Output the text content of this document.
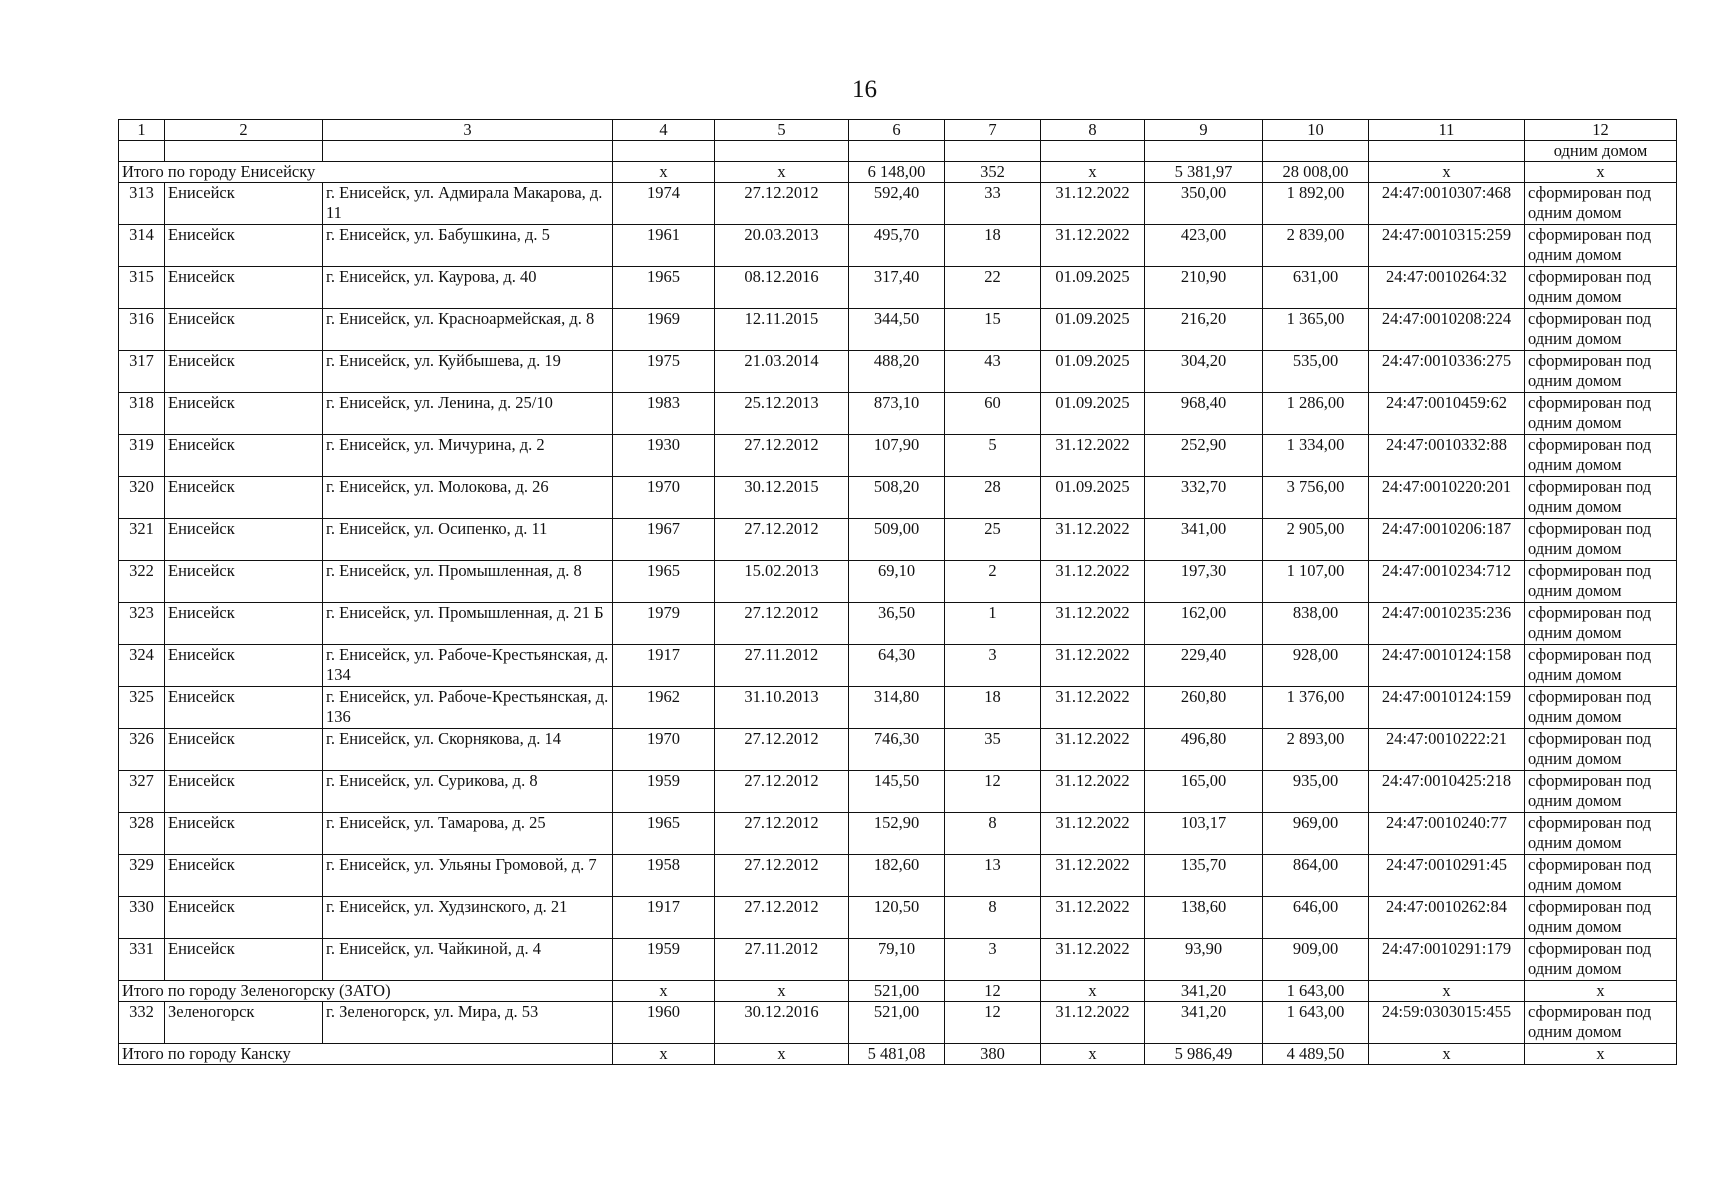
16
1	2	3	4	5	6	7	8	9	10	11	12
											одним домом
Итого по городу Енисейску			х	х	6 148,00	352	х	5 381,97	28 008,00	х	х
313	Енисейск	г. Енисейск, ул. Адмирала Макарова, д. 11	1974	27.12.2012	592,40	33	31.12.2022	350,00	1 892,00	24:47:0010307:468	сформирован под одним домом
314	Енисейск	г. Енисейск, ул. Бабушкина, д. 5	1961	20.03.2013	495,70	18	31.12.2022	423,00	2 839,00	24:47:0010315:259	сформирован под одним домом
315	Енисейск	г. Енисейск, ул. Каурова, д. 40	1965	08.12.2016	317,40	22	01.09.2025	210,90	631,00	24:47:0010264:32	сформирован под одним домом
316	Енисейск	г. Енисейск, ул. Красноармейская, д. 8	1969	12.11.2015	344,50	15	01.09.2025	216,20	1 365,00	24:47:0010208:224	сформирован под одним домом
317	Енисейск	г. Енисейск, ул. Куйбышева, д. 19	1975	21.03.2014	488,20	43	01.09.2025	304,20	535,00	24:47:0010336:275	сформирован под одним домом
318	Енисейск	г. Енисейск, ул. Ленина, д. 25/10	1983	25.12.2013	873,10	60	01.09.2025	968,40	1 286,00	24:47:0010459:62	сформирован под одним домом
319	Енисейск	г. Енисейск, ул. Мичурина, д. 2	1930	27.12.2012	107,90	5	31.12.2022	252,90	1 334,00	24:47:0010332:88	сформирован под одним домом
320	Енисейск	г. Енисейск, ул. Молокова, д. 26	1970	30.12.2015	508,20	28	01.09.2025	332,70	3 756,00	24:47:0010220:201	сформирован под одним домом
321	Енисейск	г. Енисейск, ул. Осипенко, д. 11	1967	27.12.2012	509,00	25	31.12.2022	341,00	2 905,00	24:47:0010206:187	сформирован под одним домом
322	Енисейск	г. Енисейск, ул. Промышленная, д. 8	1965	15.02.2013	69,10	2	31.12.2022	197,30	1 107,00	24:47:0010234:712	сформирован под одним домом
323	Енисейск	г. Енисейск, ул. Промышленная, д. 21 Б	1979	27.12.2012	36,50	1	31.12.2022	162,00	838,00	24:47:0010235:236	сформирован под одним домом
324	Енисейск	г. Енисейск, ул. Рабоче-Крестьянская, д. 134	1917	27.11.2012	64,30	3	31.12.2022	229,40	928,00	24:47:0010124:158	сформирован под одним домом
325	Енисейск	г. Енисейск, ул. Рабоче-Крестьянская, д. 136	1962	31.10.2013	314,80	18	31.12.2022	260,80	1 376,00	24:47:0010124:159	сформирован под одним домом
326	Енисейск	г. Енисейск, ул. Скорнякова, д. 14	1970	27.12.2012	746,30	35	31.12.2022	496,80	2 893,00	24:47:0010222:21	сформирован под одним домом
327	Енисейск	г. Енисейск, ул. Сурикова, д. 8	1959	27.12.2012	145,50	12	31.12.2022	165,00	935,00	24:47:0010425:218	сформирован под одним домом
328	Енисейск	г. Енисейск, ул. Тамарова, д. 25	1965	27.12.2012	152,90	8	31.12.2022	103,17	969,00	24:47:0010240:77	сформирован под одним домом
329	Енисейск	г. Енисейск, ул. Ульяны Громовой, д. 7	1958	27.12.2012	182,60	13	31.12.2022	135,70	864,00	24:47:0010291:45	сформирован под одним домом
330	Енисейск	г. Енисейск, ул. Худзинского, д. 21	1917	27.12.2012	120,50	8	31.12.2022	138,60	646,00	24:47:0010262:84	сформирован под одним домом
331	Енисейск	г. Енисейск, ул. Чайкиной, д. 4	1959	27.11.2012	79,10	3	31.12.2022	93,90	909,00	24:47:0010291:179	сформирован под одним домом
Итого по городу Зеленогорску (ЗАТО)			х	х	521,00	12	х	341,20	1 643,00	х	х
332	Зеленогорск	г. Зеленогорск, ул. Мира, д. 53	1960	30.12.2016	521,00	12	31.12.2022	341,20	1 643,00	24:59:0303015:455	сформирован под одним домом
Итого по городу Канску			х	х	5 481,08	380	х	5 986,49	4 489,50	х	х
